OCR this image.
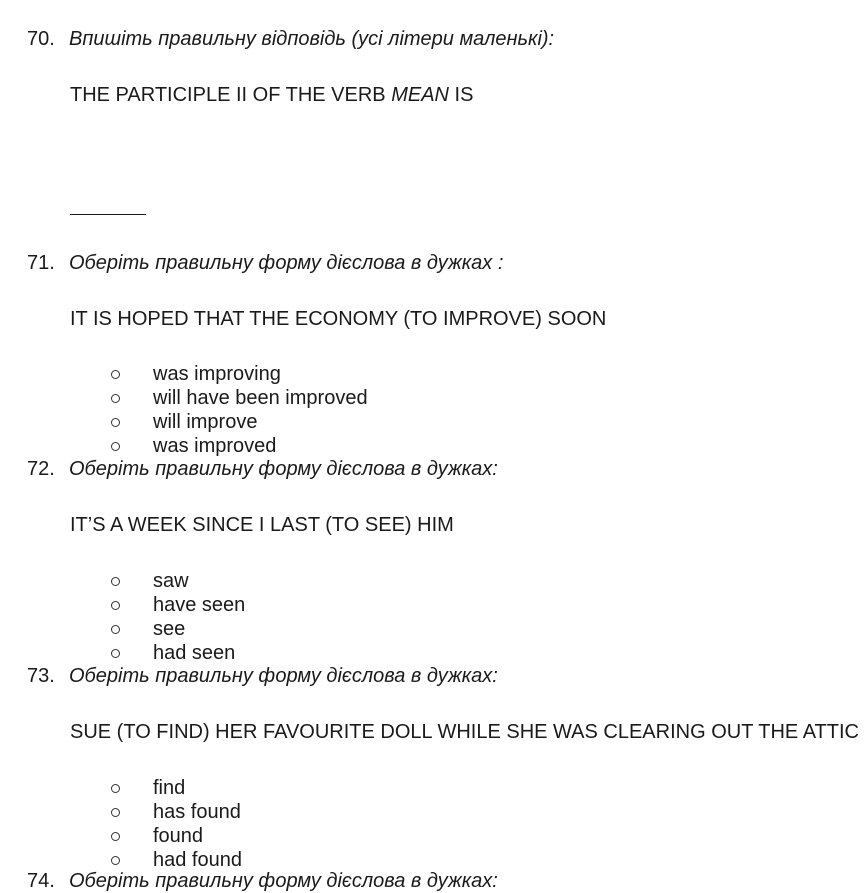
70. Впишіть правильну відповідь (усі літери маленькі):
THE PARTICIPLE II OF THE VERB MEAN IS
71. Оберіть правильну форму дієслова в дужках :
IT IS HOPED THAT THE ECONOMY (TO IMPROVE) SOON
was improving
will have been improved
will improve
was improved
72. Оберіть правильну форму дієслова в дужках:
IT’S A WEEK SINCE I LAST (TO SEE) HIM
saw
have seen
see
had seen
73. Оберіть правильну форму дієслова в дужках:
SUE (TO FIND) HER FAVOURITE DOLL WHILE SHE WAS CLEARING OUT THE ATTIC
find
has found
found
had found
74. Оберіть правильну форму дієслова в дужках:
